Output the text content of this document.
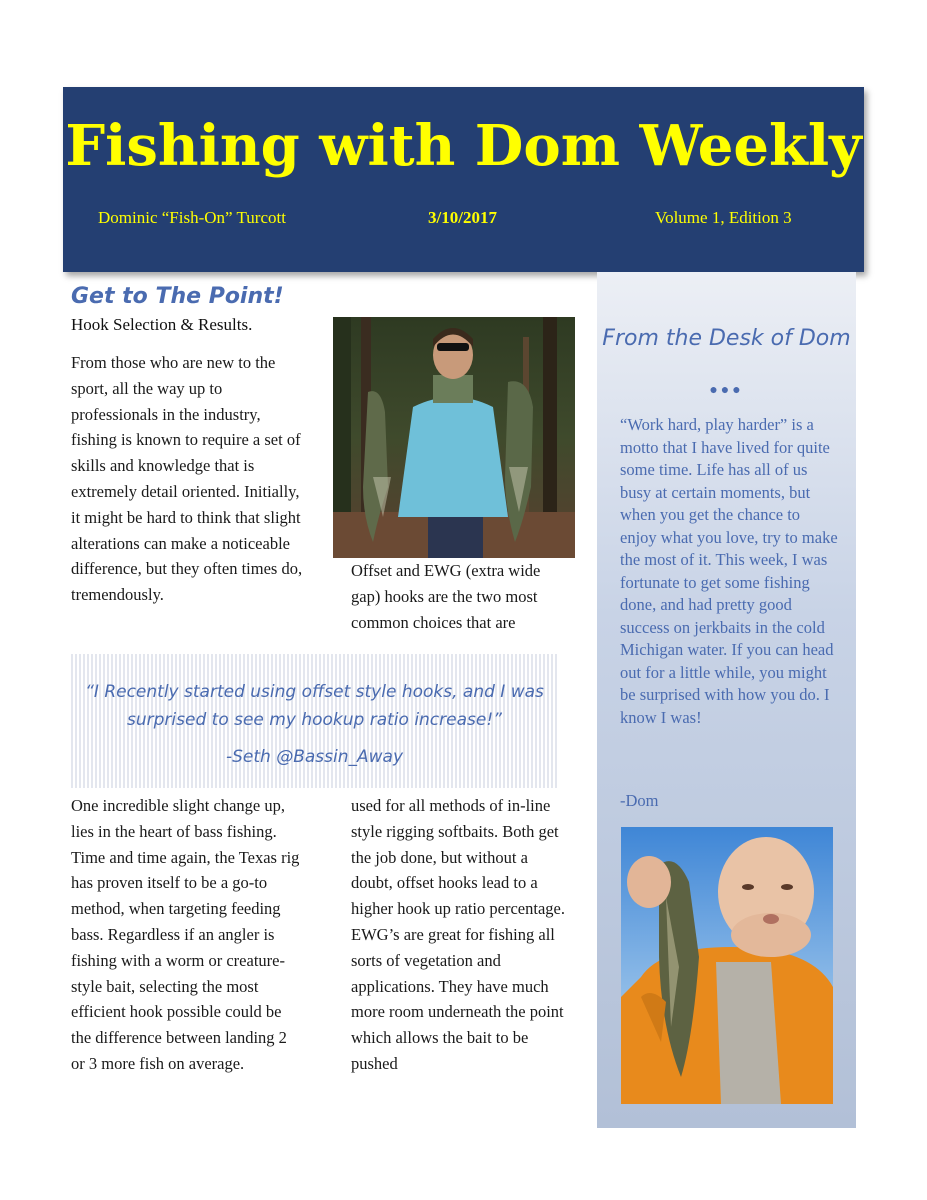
Fishing with Dom Weekly
Dominic “Fish-On” Turcott	3/10/2017	Volume 1, Edition 3
Get to The Point!
Hook Selection & Results.

From those who are new to the sport, all the way up to professionals in the industry, fishing is known to require a set of skills and knowledge that is extremely detail oriented. Initially, it might be hard to think that slight alterations can make a noticeable difference, but they often times do, tremendously.

Offset and EWG (extra wide gap) hooks are the two most common choices that are

“I Recently started using offset style hooks, and I was surprised to see my hookup ratio increase!”
-Seth @Bassin_Away

One incredible slight change up, lies in the heart of bass fishing. Time and time again, the Texas rig has proven itself to be a go-to method, when targeting feeding bass. Regardless if an angler is fishing with a worm or creature-style bait, selecting the most efficient hook possible could be the difference between landing 2 or 3 more fish on average.

used for all methods of in-line style rigging softbaits. Both get the job done, but without a doubt, offset hooks lead to a higher hook up ratio percentage. EWG’s are great for fishing all sorts of vegetation and applications. They have much more room underneath the point which allows the bait to be pushed

From the Desk of Dom
●●●
“Work hard, play harder” is a motto that I have lived for quite some time. Life has all of us busy at certain moments, but when you get the chance to enjoy what you love, try to make the most of it. This week, I was fortunate to get some fishing done, and had pretty good success on jerkbaits in the cold Michigan water. If you can head out for a little while, you might be surprised with how you do. I know I was!
-Dom
